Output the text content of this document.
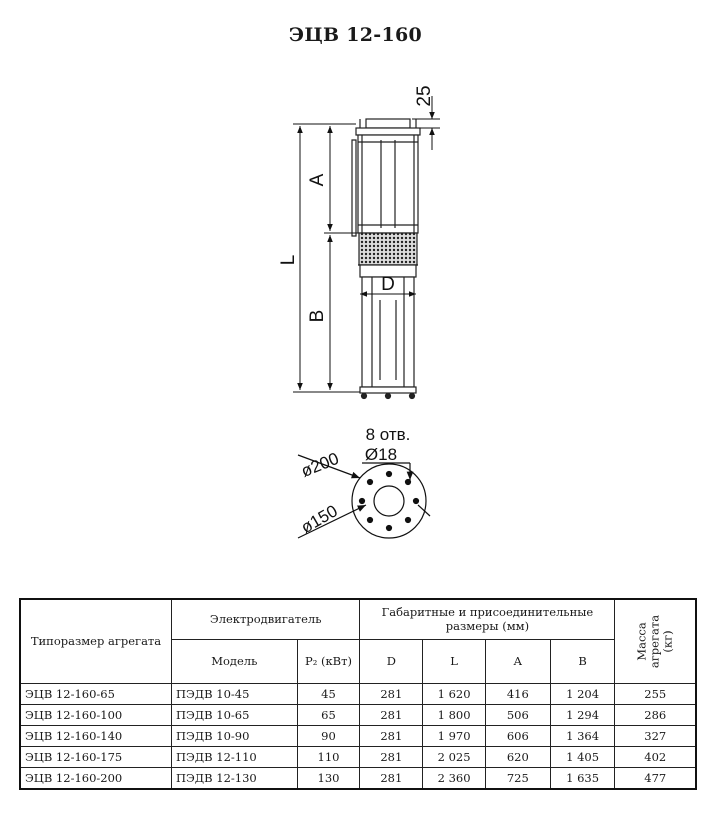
ЭЦВ 12-160
25
L
A
B
D
ø200
ø150
8 отв.
Ø18
Типоразмер агрегата	Электродвигатель		Габаритные и присоединительные размеры (мм)				Масса агрегата (кг)
	Модель	P₂ (кВт)	D	L	A	B	
ЭЦВ 12-160-65	ПЭДВ 10-45	45	281	1 620	416	1 204	255
ЭЦВ 12-160-100	ПЭДВ 10-65	65	281	1 800	506	1 294	286
ЭЦВ 12-160-140	ПЭДВ 10-90	90	281	1 970	606	1 364	327
ЭЦВ 12-160-175	ПЭДВ 12-110	110	281	2 025	620	1 405	402
ЭЦВ 12-160-200	ПЭДВ 12-130	130	281	2 360	725	1 635	477
